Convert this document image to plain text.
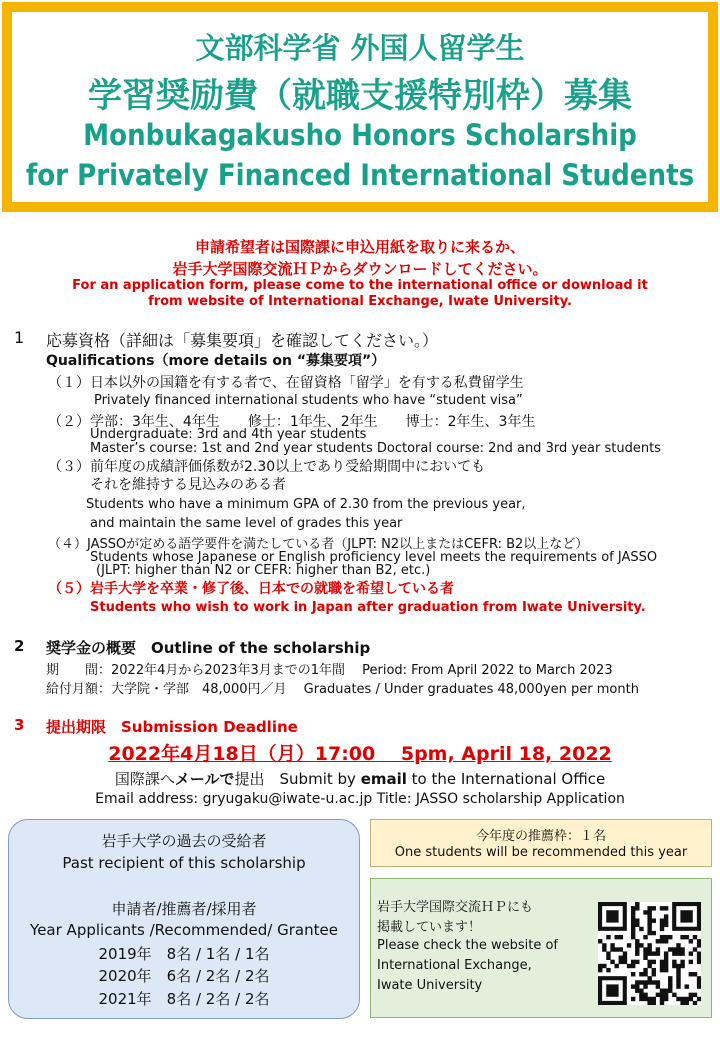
文部科学省 外国人留学生
学習奨励費（就職支援特別枠）募集
Monbukagakusho Honors Scholarship
for Privately Financed International Students
申請希望者は国際課に申込用紙を取りに来るか、
岩手大学国際交流ＨＰからダウンロードしてください。
For an application form, please come to the international office or download it
from website of International Exchange, Iwate University.
1 応募資格（詳細は「募集要項」を確認してください。）
Qualifications（more details on “募集要項”）
（１）日本以外の国籍を有する者で、在留資格「留学」を有する私費留学生
Privately financed international students who have “student visa”
（２）学部：3年生、4年生　　修士：1年生、2年生　　博士：2年生、3年生
Undergraduate: 3rd and 4th year students
Master’s course: 1st and 2nd year students Doctoral course: 2nd and 3rd year students
（３）前年度の成績評価係数が2.30以上であり受給期間中においても
それを維持する見込みのある者
Students who have a minimum GPA of 2.30 from the previous year,
and maintain the same level of grades this year
（４）JASSOが定める語学要件を満たしている者（JLPT: N2以上またはCEFR: B2以上など）
Students whose Japanese or English proficiency level meets the requirements of JASSO
(JLPT: higher than N2 or CEFR: higher than B2, etc.)
（５）岩手大学を卒業・修了後、日本での就職を希望している者
Students who wish to work in Japan after graduation from Iwate University.
2 奨学金の概要　Outline of the scholarship
期　　間：2022年4月から2023年3月までの1年間　 Period: From April 2022 to March 2023
給付月額：大学院・学部　48,000円／月　 Graduates / Under graduates 48,000yen per month
3 提出期限　Submission Deadline
2022年4月18日（月）17:00　 5pm, April 18, 2022
国際課へメールで提出　Submit by email to the International Office
Email address: gryugaku@iwate-u.ac.jp Title: JASSO scholarship Application
岩手大学の過去の受給者
Past recipient of this scholarship
申請者/推薦者/採用者
Year Applicants /Recommended/ Grantee
2019年　8名 / 1名 / 1名
2020年　6名 / 2名 / 2名
2021年　8名 / 2名 / 2名
今年度の推薦枠：１名
One students will be recommended this year
岩手大学国際交流ＨＰにも
掲載しています！
Please check the website of
International Exchange,
Iwate University
